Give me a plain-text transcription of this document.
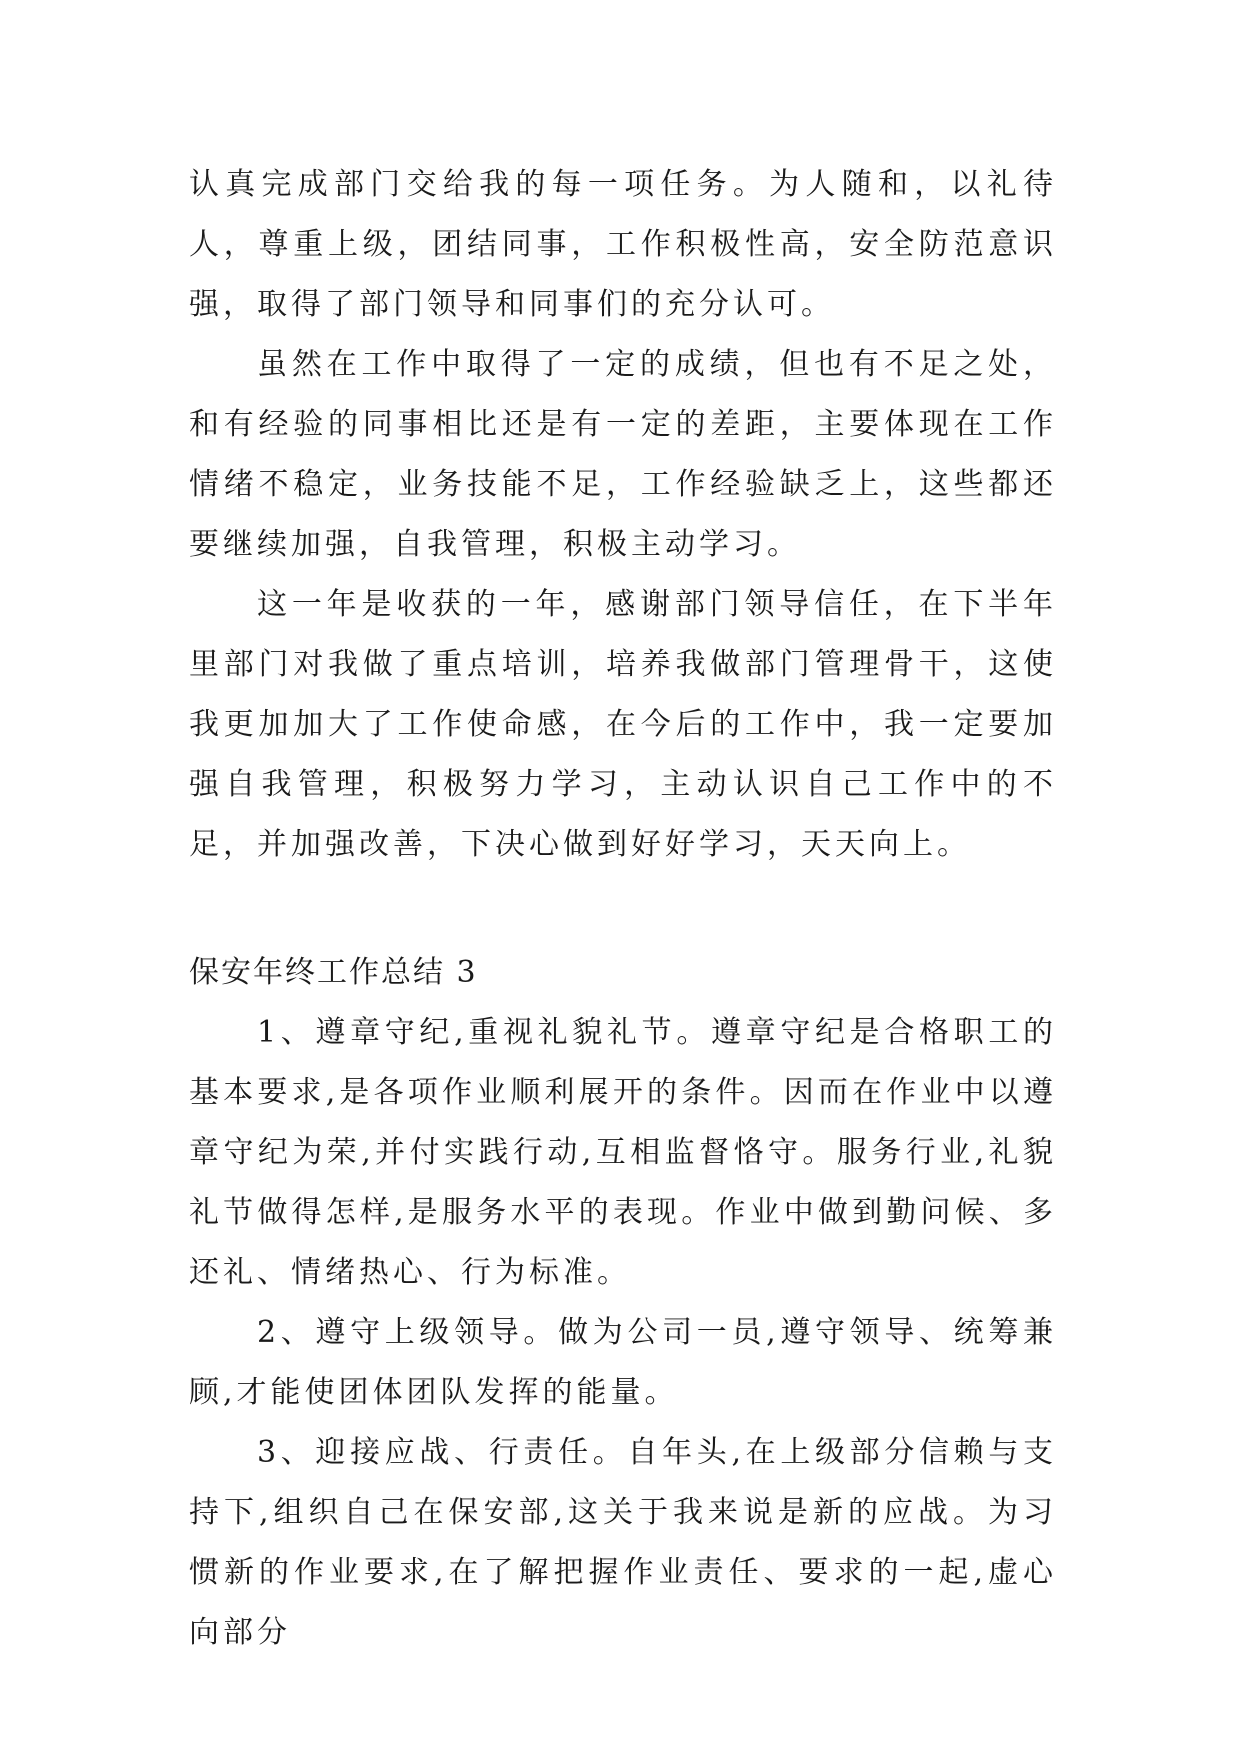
认真完成部门交给我的每一项任务。为人随和，以礼待人，尊重上级，团结同事，工作积极性高，安全防范意识强，取得了部门领导和同事们的充分认可。

虽然在工作中取得了一定的成绩，但也有不足之处，和有经验的同事相比还是有一定的差距，主要体现在工作情绪不稳定，业务技能不足，工作经验缺乏上，这些都还要继续加强，自我管理，积极主动学习。

这一年是收获的一年，感谢部门领导信任，在下半年里部门对我做了重点培训，培养我做部门管理骨干，这使我更加加大了工作使命感，在今后的工作中，我一定要加强自我管理，积极努力学习，主动认识自己工作中的不足，并加强改善，下决心做到好好学习，天天向上。

保安年终工作总结 3

1、遵章守纪,重视礼貌礼节。遵章守纪是合格职工的基本要求,是各项作业顺利展开的条件。因而在作业中以遵章守纪为荣,并付实践行动,互相监督恪守。服务行业,礼貌礼节做得怎样,是服务水平的表现。作业中做到勤问候、多还礼、情绪热心、行为标准。

2、遵守上级领导。做为公司一员,遵守领导、统筹兼顾,才能使团体团队发挥的能量。

3、迎接应战、行责任。自年头,在上级部分信赖与支持下,组织自己在保安部,这关于我来说是新的应战。为习惯新的作业要求,在了解把握作业责任、要求的一起,虚心向部分
